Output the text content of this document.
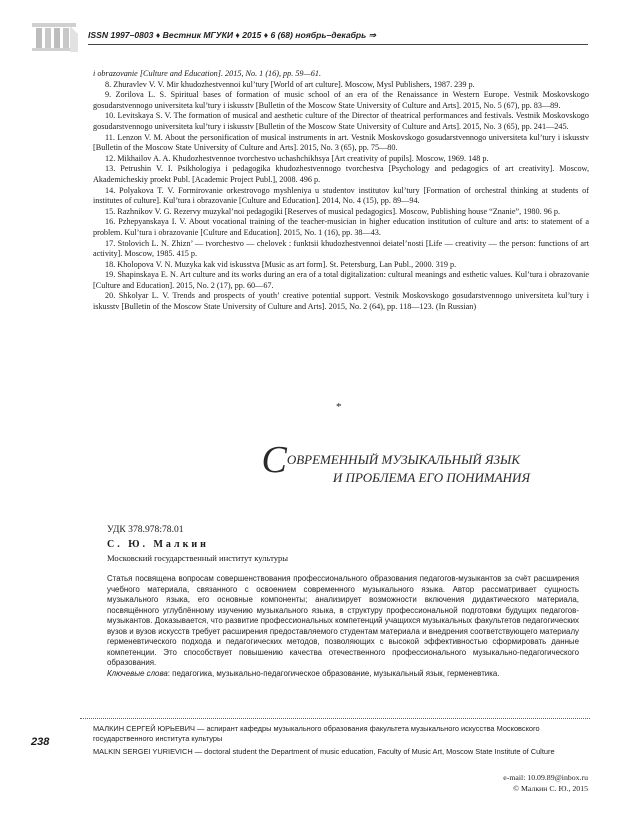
ISSN 1997–0803 ♦ Вестник МГУКИ ♦ 2015 ♦ 6 (68) ноябрь–декабрь ⇒

i obrazovanie [Culture and Education]. 2015, No. 1 (16), pp. 59—61.

8. Zhuravlev V. V. Mir khudozhestvennoi kul’tury [World of art culture]. Moscow, Mysl Publishers, 1987. 239 p.

9. Zorilova L. S. Spiritual bases of formation of music school of an era of the Renaissance in Western Europe. Vestnik Moskovskogo gosudarstvennogo universiteta kul’tury i iskusstv [Bulletin of the Moscow State University of Culture and Arts]. 2015, No. 5 (67), pp. 83—89.

10. Levitskaya S. V. The formation of musical and aesthetic culture of the Director of theatrical performances and festivals. Vestnik Moskovskogo gosudarstvennogo universiteta kul’tury i iskusstv [Bulletin of the Moscow State University of Culture and Arts]. 2015, No. 3 (65), pp. 241—245.

11. Lenzon V. M. About the personification of musical instruments in art. Vestnik Moskovskogo gosudarstvennogo universiteta kul’tury i iskusstv [Bulletin of the Moscow State University of Culture and Arts]. 2015, No. 3 (65), pp. 75—80.

12. Mikhailov A. A. Khudozhestvennoe tvorchestvo uchashchikhsya [Art creativity of pupils]. Moscow, 1969. 148 p.

13. Petrushin V. I. Psikhologiya i pedagogika khudozhestvennogo tvorchestva [Psychology and pedagogics of art creativity]. Moscow, Akademicheskiy proekt Publ. [Academic Project Publ.], 2008. 496 p.

14. Polyakova T. V. Formirovanie orkestrovogo myshleniya u studentov institutov kul’tury [Formation of orchestral thinking at students of institutes of culture]. Kul’tura i obrazovanie [Culture and Education]. 2014, No. 4 (15), pp. 89—94.

15. Razhnikov V. G. Rezervy muzykal’noi pedagogiki [Reserves of musical pedagogics]. Moscow, Publishing house “Znanie”, 1980. 96 p.

16. Pzhepyanskaya I. V. About vocational training of the teacher-musician in higher education institution of culture and arts: to statement of a problem. Kul’tura i obrazovanie [Culture and Education]. 2015, No. 1 (16), pp. 38—43.

17. Stolovich L. N. Zhizn’ — tvorchestvo — chelovek : funktsii khudozhestvennoi deiatel’nosti [Life — creativity — the person: functions of art activity]. Moscow, 1985. 415 p.

18. Kholopova V. N. Muzyka kak vid iskusstva [Music as art form]. St. Petersburg, Lan Publ., 2000. 319 p.

19. Shapinskaya E. N. Art culture and its works during an era of a total digitalization: cultural meanings and esthetic values. Kul’tura i obrazovanie [Culture and Education]. 2015, No. 2 (17), pp. 60—67.

20. Shkolyar L. V. Trends and prospects of youth’ creative potential support. Vestnik Moskovskogo gosudarstvennogo universiteta kul’tury i iskusstv [Bulletin of the Moscow State University of Culture and Arts]. 2015, No. 2 (64), pp. 118—123. (In Russian)

*
СОВРЕМЕННЫЙ МУЗЫКАЛЬНЫЙ ЯЗЫК
И ПРОБЛЕМА ЕГО ПОНИМАНИЯ
УДК 378.978:78.01
С. Ю. Малкин
Московский государственный институт культуры
Статья посвящена вопросам совершенствования профессионального образования педагогов-музыкантов за счёт расширения учебного материала, связанного с освоением современного музыкального языка. Автор рассматривает сущность музыкального языка, его основные компоненты; анализирует возможности включения дидактического материала, посвящённого углублённому изучению музыкального языка, в структуру профессиональной подготовки будущих педагогов-музыкантов. Доказывается, что развитие профессиональных компетенций учащихся музыкальных факультетов педагогических вузов и вузов искусств требует расширения предоставляемого студентам материала и внедрения соответствующего материалу герменевтического подхода и педагогических методов, позволяющих с высокой эффективностью сформировать данные компетенции. Это способствует повышению качества отечественного профессионального музыкально-педагогического образования.
Ключевые слова: педагогика, музыкально-педагогическое образование, музыкальный язык, герменевтика.
238
МАЛКИН СЕРГЕЙ ЮРЬЕВИЧ — аспирант кафедры музыкального образования факультета музыкального искусства Московского государственного института культуры
MALKIN SERGEI YURIEVICH — doctoral student the Department of music education, Faculty of Music Art, Moscow State Institute of Culture
e-mail: 10.09.89@inbox.ru
© Малкин С. Ю., 2015
